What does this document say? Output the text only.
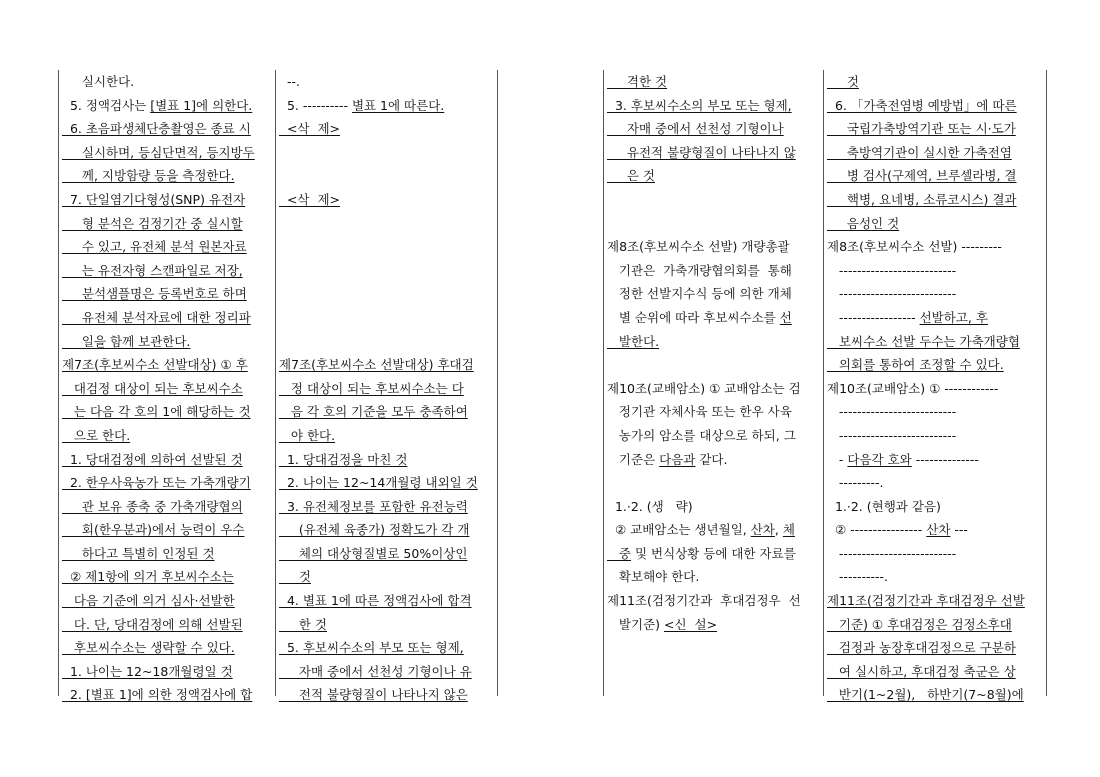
실시한다.

5. 정액검사는 [별표 1]에 의한다.

6. 초음파생체단층촬영은 종료 시

실시하며, 등심단면적, 등지방두

께, 지방함량 등을 측정한다.

7. 단일염기다형성(SNP) 유전자

형 분석은 검정기간 중 실시할

수 있고, 유전체 분석 원본자료

는 유전자형 스캔파일로 저장,

분석샘플명은 등록번호로 하며

유전체 분석자료에 대한 정리파

일을 함께 보관한다.

제7조(후보씨수소 선발대상) ① 후

대검정 대상이 되는 후보씨수소

는 다음 각 호의 1에 해당하는 것

으로 한다.

1. 당대검정에 의하여 선발된 것

2. 한우사육농가 또는 가축개량기

관 보유 종축 중 가축개량협의

회(한우분과)에서 능력이 우수

하다고 특별히 인정된 것

② 제1항에 의거 후보씨수소는

다음 기준에 의거 심사·선발한

다. 단, 당대검정에 의해 선발된

후보씨수소는 생략할 수 있다.

1. 나이는 12~18개월령일 것

2. [별표 1]에 의한 정액검사에 합

--.

5. ---------- 별표 1에 따른다.

<삭  제>

<삭  제>

제7조(후보씨수소 선발대상) 후대검

정 대상이 되는 후보씨수소는 다

음 각 호의 기준을 모두 충족하여

야 한다.

1. 당대검정을 마친 것

2. 나이는 12~14개월령 내외일 것

3. 유전체정보를 포함한 유전능력

(유전체 육종가) 정확도가 각 개

체의 대상형질별로 50%이상인

것

4. 별표 1에 따른 정액검사에 합격

한 것

5. 후보씨수소의 부모 또는 형제,

자매 중에서 선천성 기형이나 유

전적 불량형질이 나타나지 않은

격한 것

3. 후보씨수소의 부모 또는 형제,

자매 중에서 선천성 기형이나

유전적 불량형질이 나타나지 않

은 것

제8조(후보씨수소 선발) 개량총괄

기관은  가축개량협의회를  통해

정한 선발지수식 등에 의한 개체

별 순위에 따라 후보씨수소를 선

발한다.

제10조(교배암소) ① 교배암소는 검

정기관 자체사육 또는 한우 사육

농가의 암소를 대상으로 하되, 그

기준은 다음과 같다.

1.·2. (생   략)

② 교배암소는 생년월일, 산차, 체

중 및 번식상황 등에 대한 자료를

확보해야 한다.

제11조(검정기간과  후대검정우  선

발기준) <신  설>

것

6. 「가축전염병 예방법」에 따른

국립가축방역기관 또는 시·도가

축방역기관이 실시한 가축전염

병 검사(구제역, 브루셀라병, 결

핵병, 요네병, 소류코시스) 결과

음성인 것

제8조(후보씨수소 선발) ---------

--------------------------

--------------------------

----------------- 선발하고, 후

보씨수소 선발 두수는 가축개량협

의회를 통하여 조정할 수 있다.

제10조(교배암소) ① ------------

--------------------------

--------------------------

- 다음각 호와 --------------

---------.

1.·2. (현행과 같음)

② ---------------- 산차 ---

--------------------------

----------.

제11조(검정기간과 후대검정우 선발

기준) ① 후대검정은 검정소후대

검정과 농장후대검정으로 구분하

여 실시하고, 후대검정 축군은 상

반기(1~2월),   하반기(7~8월)에
